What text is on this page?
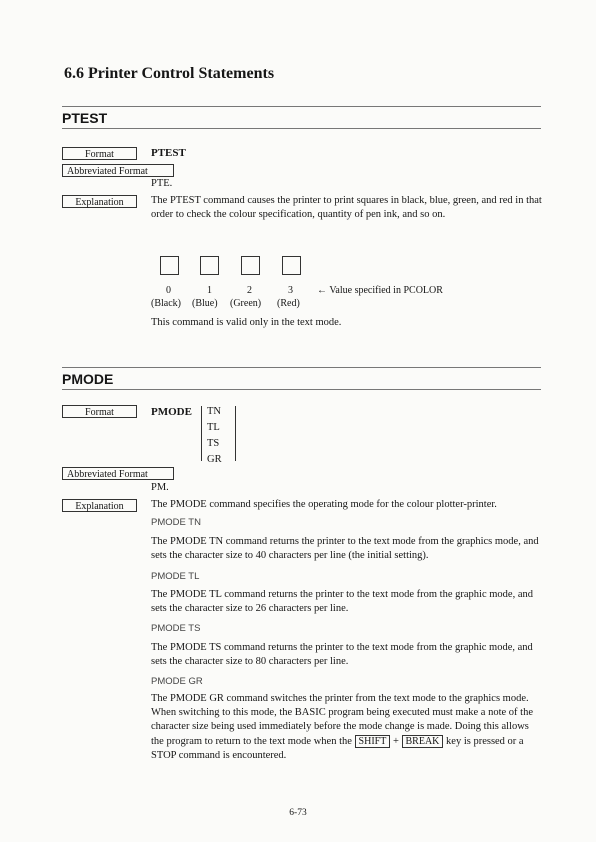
6.6 Printer Control Statements
PTEST
Format	PTEST
Abbreviated Format
PTE.
Explanation	The PTEST command causes the printer to print squares in black, blue, green, and red in that order to check the colour specification, quantity of pen ink, and so on.

0	1	2	3 ← Value specified in PCOLOR
(Black) (Blue) (Green) (Red)
This command is valid only in the text mode.
PMODE
Format	PMODE	TN
TL
TS
GR
Abbreviated Format
PM.
Explanation	The PMODE command specifies the operating mode for the colour plotter-printer.

PMODE TN

The PMODE TN command returns the printer to the text mode from the graphics mode, and sets the character size to 40 characters per line (the initial setting).

PMODE TL

The PMODE TL command returns the printer to the text mode from the graphic mode, and sets the character size to 26 characters per line.

PMODE TS

The PMODE TS command returns the printer to the text mode from the graphic mode, and sets the character size to 80 characters per line.

PMODE GR

The PMODE GR command switches the printer from the text mode to the graphics mode. When switching to this mode, the BASIC program being executed must make a note of the character size being used immediately before the mode change is made. Doing this allows the program to return to the text mode when the SHIFT + BREAK key is pressed or a STOP command is encountered.

6-73
